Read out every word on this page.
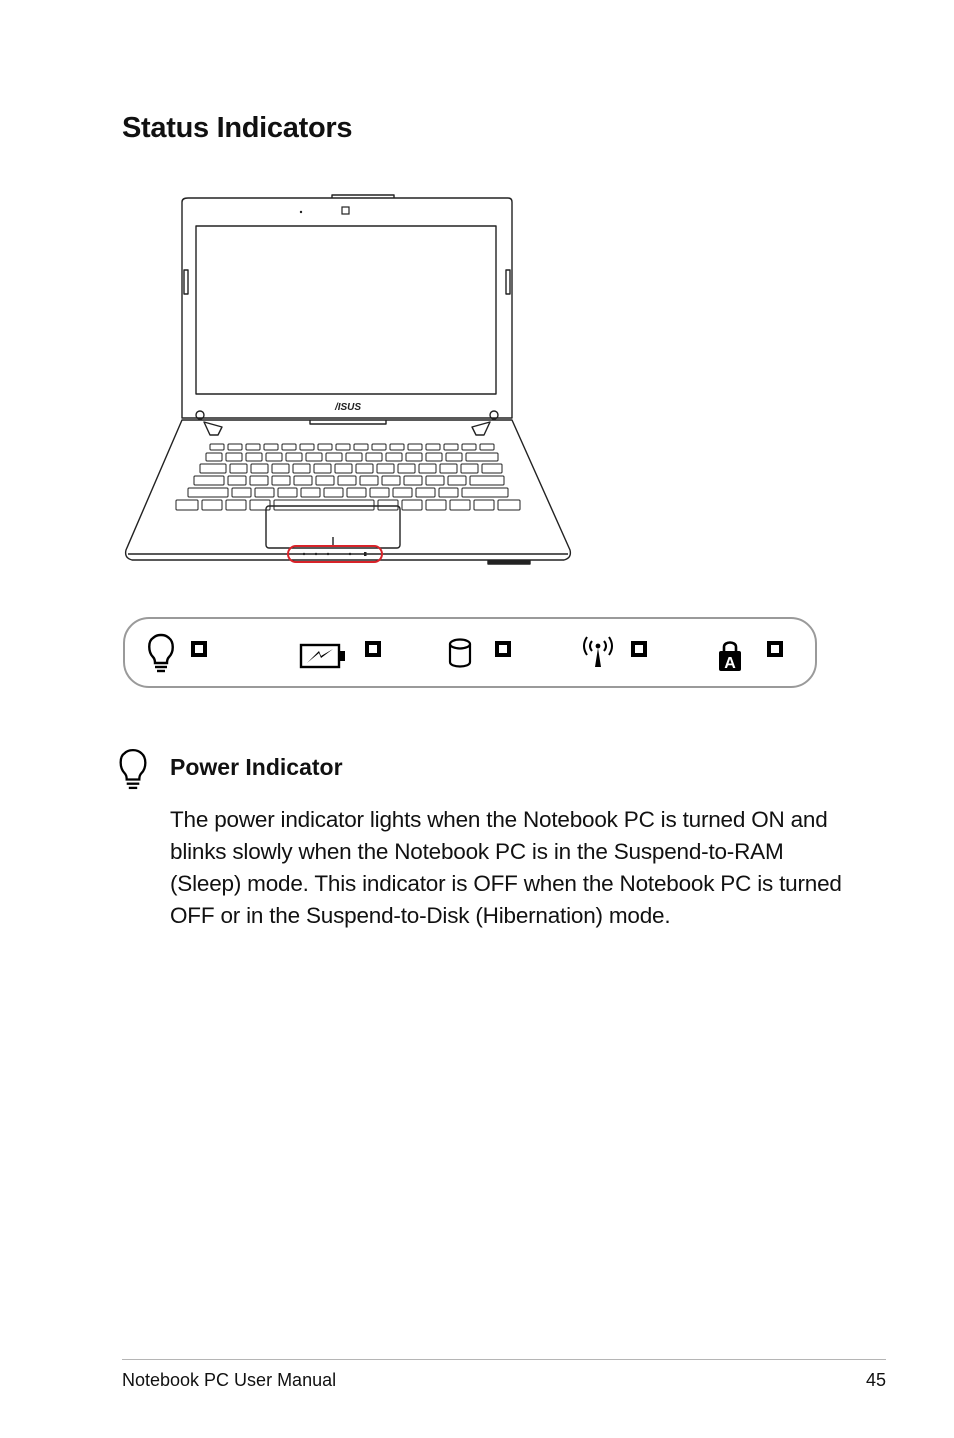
Status Indicators
/ISUS
A
Power Indicator

The power indicator lights when the Notebook PC is turned ON and blinks slowly when the Notebook PC is in the Suspend-to-RAM (Sleep) mode. This indicator is OFF when the Notebook PC is turned OFF or in the Suspend-to-Disk (Hibernation) mode.

Notebook PC User Manual	45
